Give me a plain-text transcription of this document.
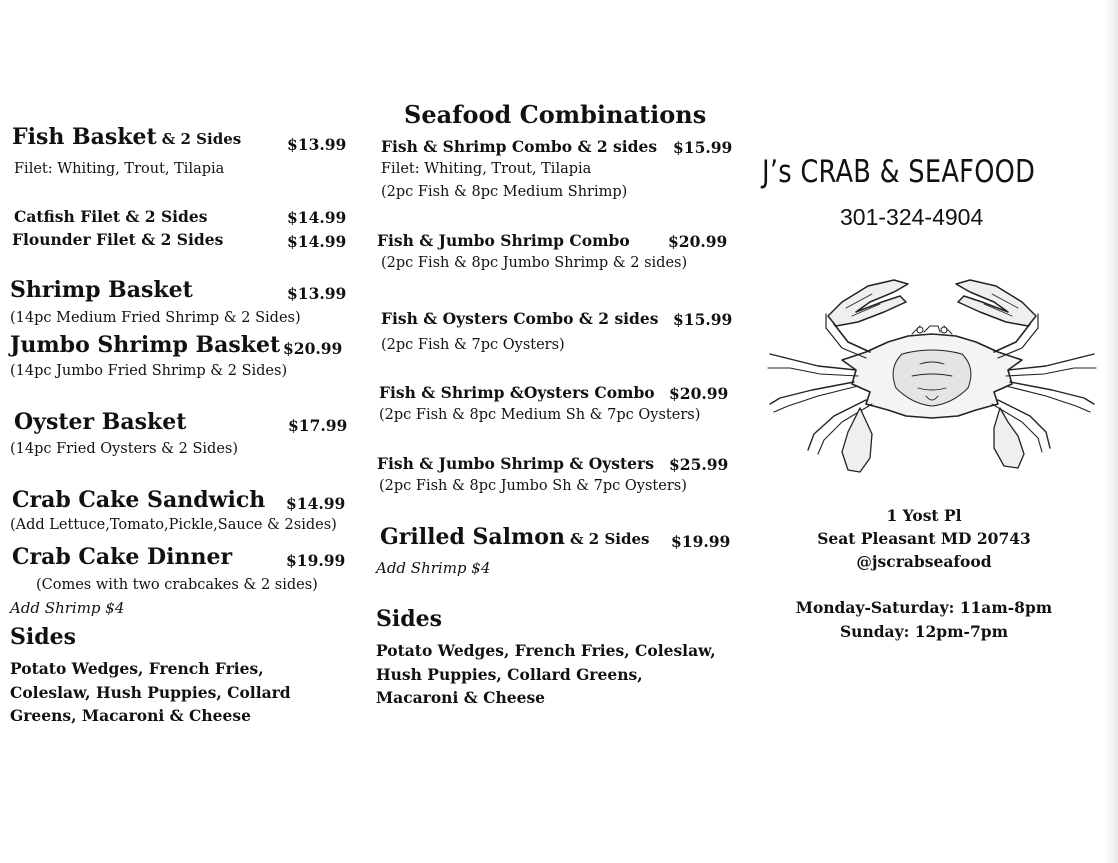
Fish Basket & 2 Sides	$13.99
Filet: Whiting, Trout, Tilapia
Catfish Filet & 2 Sides	$14.99
Flounder Filet & 2 Sides	$14.99
Shrimp Basket	$13.99
(14pc Medium Fried Shrimp & 2 Sides)
Jumbo Shrimp Basket $20.99
(14pc Jumbo Fried Shrimp & 2 Sides)
Oyster Basket	$17.99
(14pc Fried Oysters & 2 Sides)
Crab Cake Sandwich $14.99
(Add Lettuce,Tomato,Pickle,Sauce & 2sides)
Crab Cake Dinner	$19.99
(Comes with two crabcakes & 2 sides)
Add Shrimp $4
Sides
Potato Wedges, French Fries, Coleslaw, Hush Puppies, Collard Greens, Macaroni & Cheese
Seafood Combinations
Fish & Shrimp Combo & 2 sides $15.99
Filet: Whiting, Trout, Tilapia
(2pc Fish & 8pc Medium Shrimp)
Fish & Jumbo Shrimp Combo $20.99
(2pc Fish & 8pc Jumbo Shrimp & 2 sides)
Fish & Oysters Combo & 2 sides $15.99
(2pc Fish & 7pc Oysters)
Fish & Shrimp &Oysters Combo $20.99
(2pc Fish & 8pc Medium Sh & 7pc Oysters)
Fish & Jumbo Shrimp & Oysters $25.99
(2pc Fish & 8pc Jumbo Sh & 7pc Oysters)
Grilled Salmon & 2 Sides $19.99
Add Shrimp $4
Sides
Potato Wedges, French Fries, Coleslaw, Hush Puppies, Collard Greens, Macaroni & Cheese
J’s CRAB & SEAFOOD
301-324-4904
1 Yost Pl
Seat Pleasant MD 20743
@jscrabseafood
Monday-Saturday: 11am-8pm
Sunday: 12pm-7pm
